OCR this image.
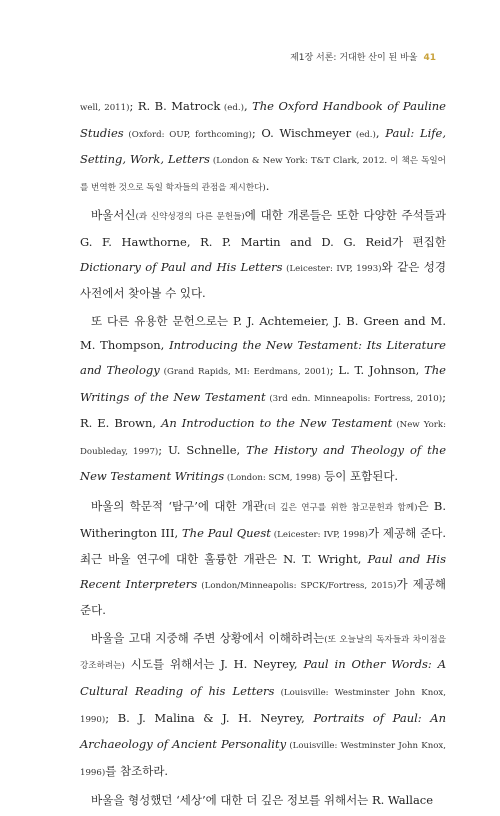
제1장 서론: 거대한 산이 된 바울 41

well, 2011); R. B. Matrock (ed.), The Oxford Handbook of Pauline Studies (Oxford: OUP, forthcoming); O. Wischmeyer (ed.), Paul: Life, Setting, Work, Letters (London & New York: T&T Clark, 2012. 이 책은 독일어를 번역한 것으로 독일 학자들의 관점을 제시한다).

바울서신(과 신약성경의 다른 문헌들)에 대한 개론들은 또한 다양한 주석들과 G. F. Hawthorne, R. P. Martin and D. G. Reid가 편집한 Dictionary of Paul and His Letters (Leicester: IVP, 1993)와 같은 성경 사전에서 찾아볼 수 있다.

또 다른 유용한 문헌으로는 P. J. Achtemeier, J. B. Green and M. M. Thompson, Introducing the New Testament: Its Literature and Theology (Grand Rapids, MI: Eerdmans, 2001); L. T. Johnson, The Writings of the New Testament (3rd edn. Minneapolis: Fortress, 2010); R. E. Brown, An Introduction to the New Testament (New York: Doubleday, 1997); U. Schnelle, The History and Theology of the New Testament Writings (London: SCM, 1998) 등이 포함된다.

바울의 학문적 ‘탐구’에 대한 개관(더 깊은 연구를 위한 참고문헌과 함께)은 B. Witherington III, The Paul Quest (Leicester: IVP, 1998)가 제공해 준다. 최근 바울 연구에 대한 훌륭한 개관은 N. T. Wright, Paul and His Recent Interpreters (London/Minneapolis: SPCK/Fortress, 2015)가 제공해 준다.

바울을 고대 지중해 주변 상황에서 이해하려는(또 오늘날의 독자들과 차이점을 강조하려는) 시도를 위해서는 J. H. Neyrey, Paul in Other Words: A Cultural Reading of his Letters (Louisville: Westminster John Knox, 1990); B. J. Malina & J. H. Neyrey, Portraits of Paul: An Archaeology of Ancient Personality (Louisville: Westminster John Knox, 1996)를 참조하라.

바울을 형성했던 ‘세상’에 대한 더 깊은 정보를 위해서는 R. Wallace
